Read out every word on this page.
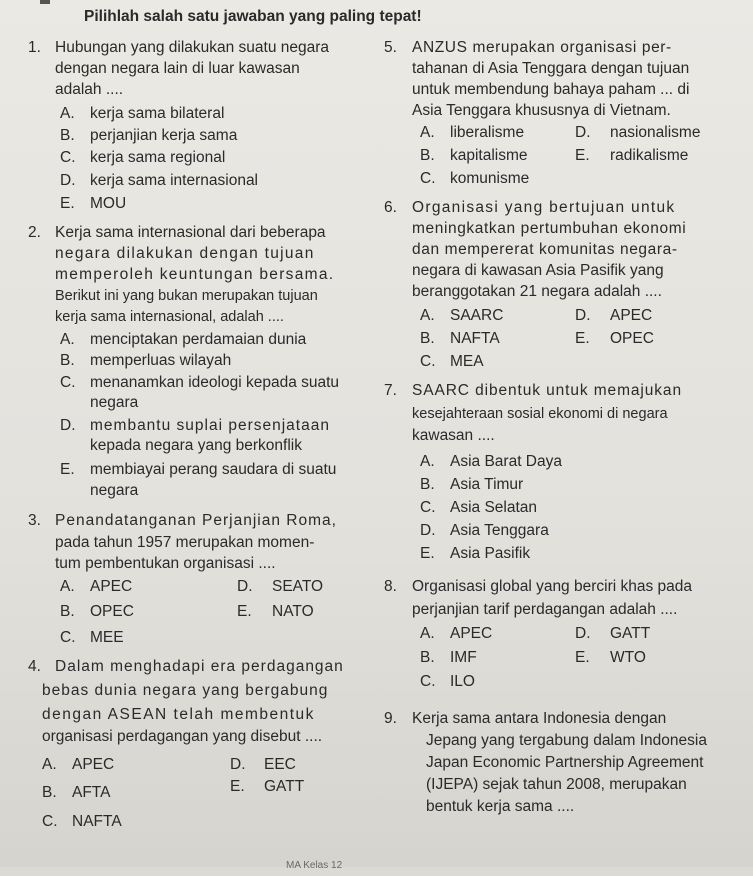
Pilihlah salah satu jawaban yang paling tepat!
1. Hubungan yang dilakukan suatu negara
dengan negara lain di luar kawasan
adalah ....
A. kerja sama bilateral
B. perjanjian kerja sama
C. kerja sama regional
D. kerja sama internasional
E. MOU
2. Kerja sama internasional dari beberapa
negara dilakukan dengan tujuan
memperoleh keuntungan bersama.
Berikut ini yang bukan merupakan tujuan
kerja sama internasional, adalah ....
A. menciptakan perdamaian dunia
B. memperluas wilayah
C. menanamkan ideologi kepada suatu
negara
D. membantu suplai persenjataan
kepada negara yang berkonflik
E. membiayai perang saudara di suatu
negara
3. Penandatanganan Perjanjian Roma,
pada tahun 1957 merupakan momen-
tum pembentukan organisasi ....
A. APEC
B. OPEC
C. MEE
D. SEATO
E. NATO
4. Dalam menghadapi era perdagangan
bebas dunia negara yang bergabung
dengan ASEAN telah membentuk
organisasi perdagangan yang disebut ....
A. APEC
B. AFTA
C. NAFTA
D. EEC
E. GATT
5. ANZUS merupakan organisasi per-
tahanan di Asia Tenggara dengan tujuan
untuk membendung bahaya paham ... di
Asia Tenggara khususnya di Vietnam.
A. liberalisme
B. kapitalisme
C. komunisme
D. nasionalisme
E. radikalisme
6. Organisasi yang bertujuan untuk
meningkatkan pertumbuhan ekonomi
dan mempererat komunitas negara-
negara di kawasan Asia Pasifik yang
beranggotakan 21 negara adalah ....
A. SAARC
B. NAFTA
C. MEA
D. APEC
E. OPEC
7. SAARC dibentuk untuk memajukan
kesejahteraan sosial ekonomi di negara
kawasan ....
A. Asia Barat Daya
B. Asia Timur
C. Asia Selatan
D. Asia Tenggara
E. Asia Pasifik
8. Organisasi global yang berciri khas pada
perjanjian tarif perdagangan adalah ....
A. APEC
B. IMF
C. ILO
D. GATT
E. WTO
9. Kerja sama antara Indonesia dengan
Jepang yang tergabung dalam Indonesia
Japan Economic Partnership Agreement
(IJEPA) sejak tahun 2008, merupakan
bentuk kerja sama ....
MA Kelas 12
